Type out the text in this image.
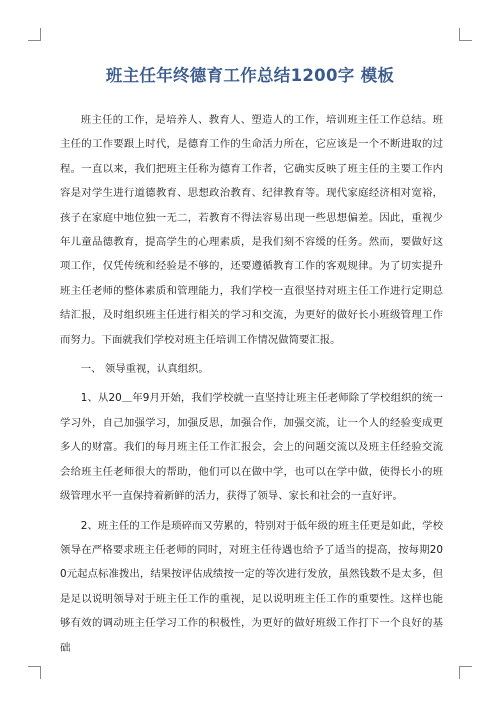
班主任年终德育工作总结1200字 模板

班主任的工作，是培养人、教育人、塑造人的工作，培训班主任工作总结。班主任的工作要跟上时代，是德育工作的生命活力所在，它应该是一个不断进取的过程。一直以来，我们把班主任称为德育工作者，它确实反映了班主任的主要工作内容是对学生进行道德教育、思想政治教育、纪律教育等。现代家庭经济相对宽裕，孩子在家庭中地位独一无二，若教育不得法容易出现一些思想偏差。因此，重视少年儿童品德教育，提高学生的心理素质，是我们刻不容缓的任务。然而，要做好这项工作，仅凭传统和经验是不够的，还要遵循教育工作的客观规律。为了切实提升班主任老师的整体素质和管理能力，我们学校一直很坚持对班主任工作进行定期总结汇报，及时组织班主任进行相关的学习和交流，为更好的做好长小班级管理工作而努力。下面就我们学校对班主任培训工作情况做简要汇报。

一、 领导重视，认真组织。

1、从20＿年9月开始，我们学校就一直坚持让班主任老师除了学校组织的统一学习外，自己加强学习，加强反思，加强合作，加强交流，让一个人的经验变成更多人的财富。我们的每月班主任工作汇报会，会上的问题交流以及班主任经验交流会给班主任老师很大的帮助，他们可以在做中学，也可以在学中做，使得长小的班级管理水平一直保持着新鲜的活力，获得了领导、家长和社会的一直好评。

2、班主任的工作是琐碎而又劳累的，特别对于低年级的班主任更是如此，学校领导在严格要求班主任老师的同时，对班主任待遇也给予了适当的提高，按每期200元起点标准拨出，结果按评估成绩按一定的等次进行发放，虽然钱数不是太多，但是足以说明领导对于班主任工作的重视，足以说明班主任工作的重要性。这样也能够有效的调动班主任学习工作的积极性，为更好的做好班级工作打下一个良好的基础
